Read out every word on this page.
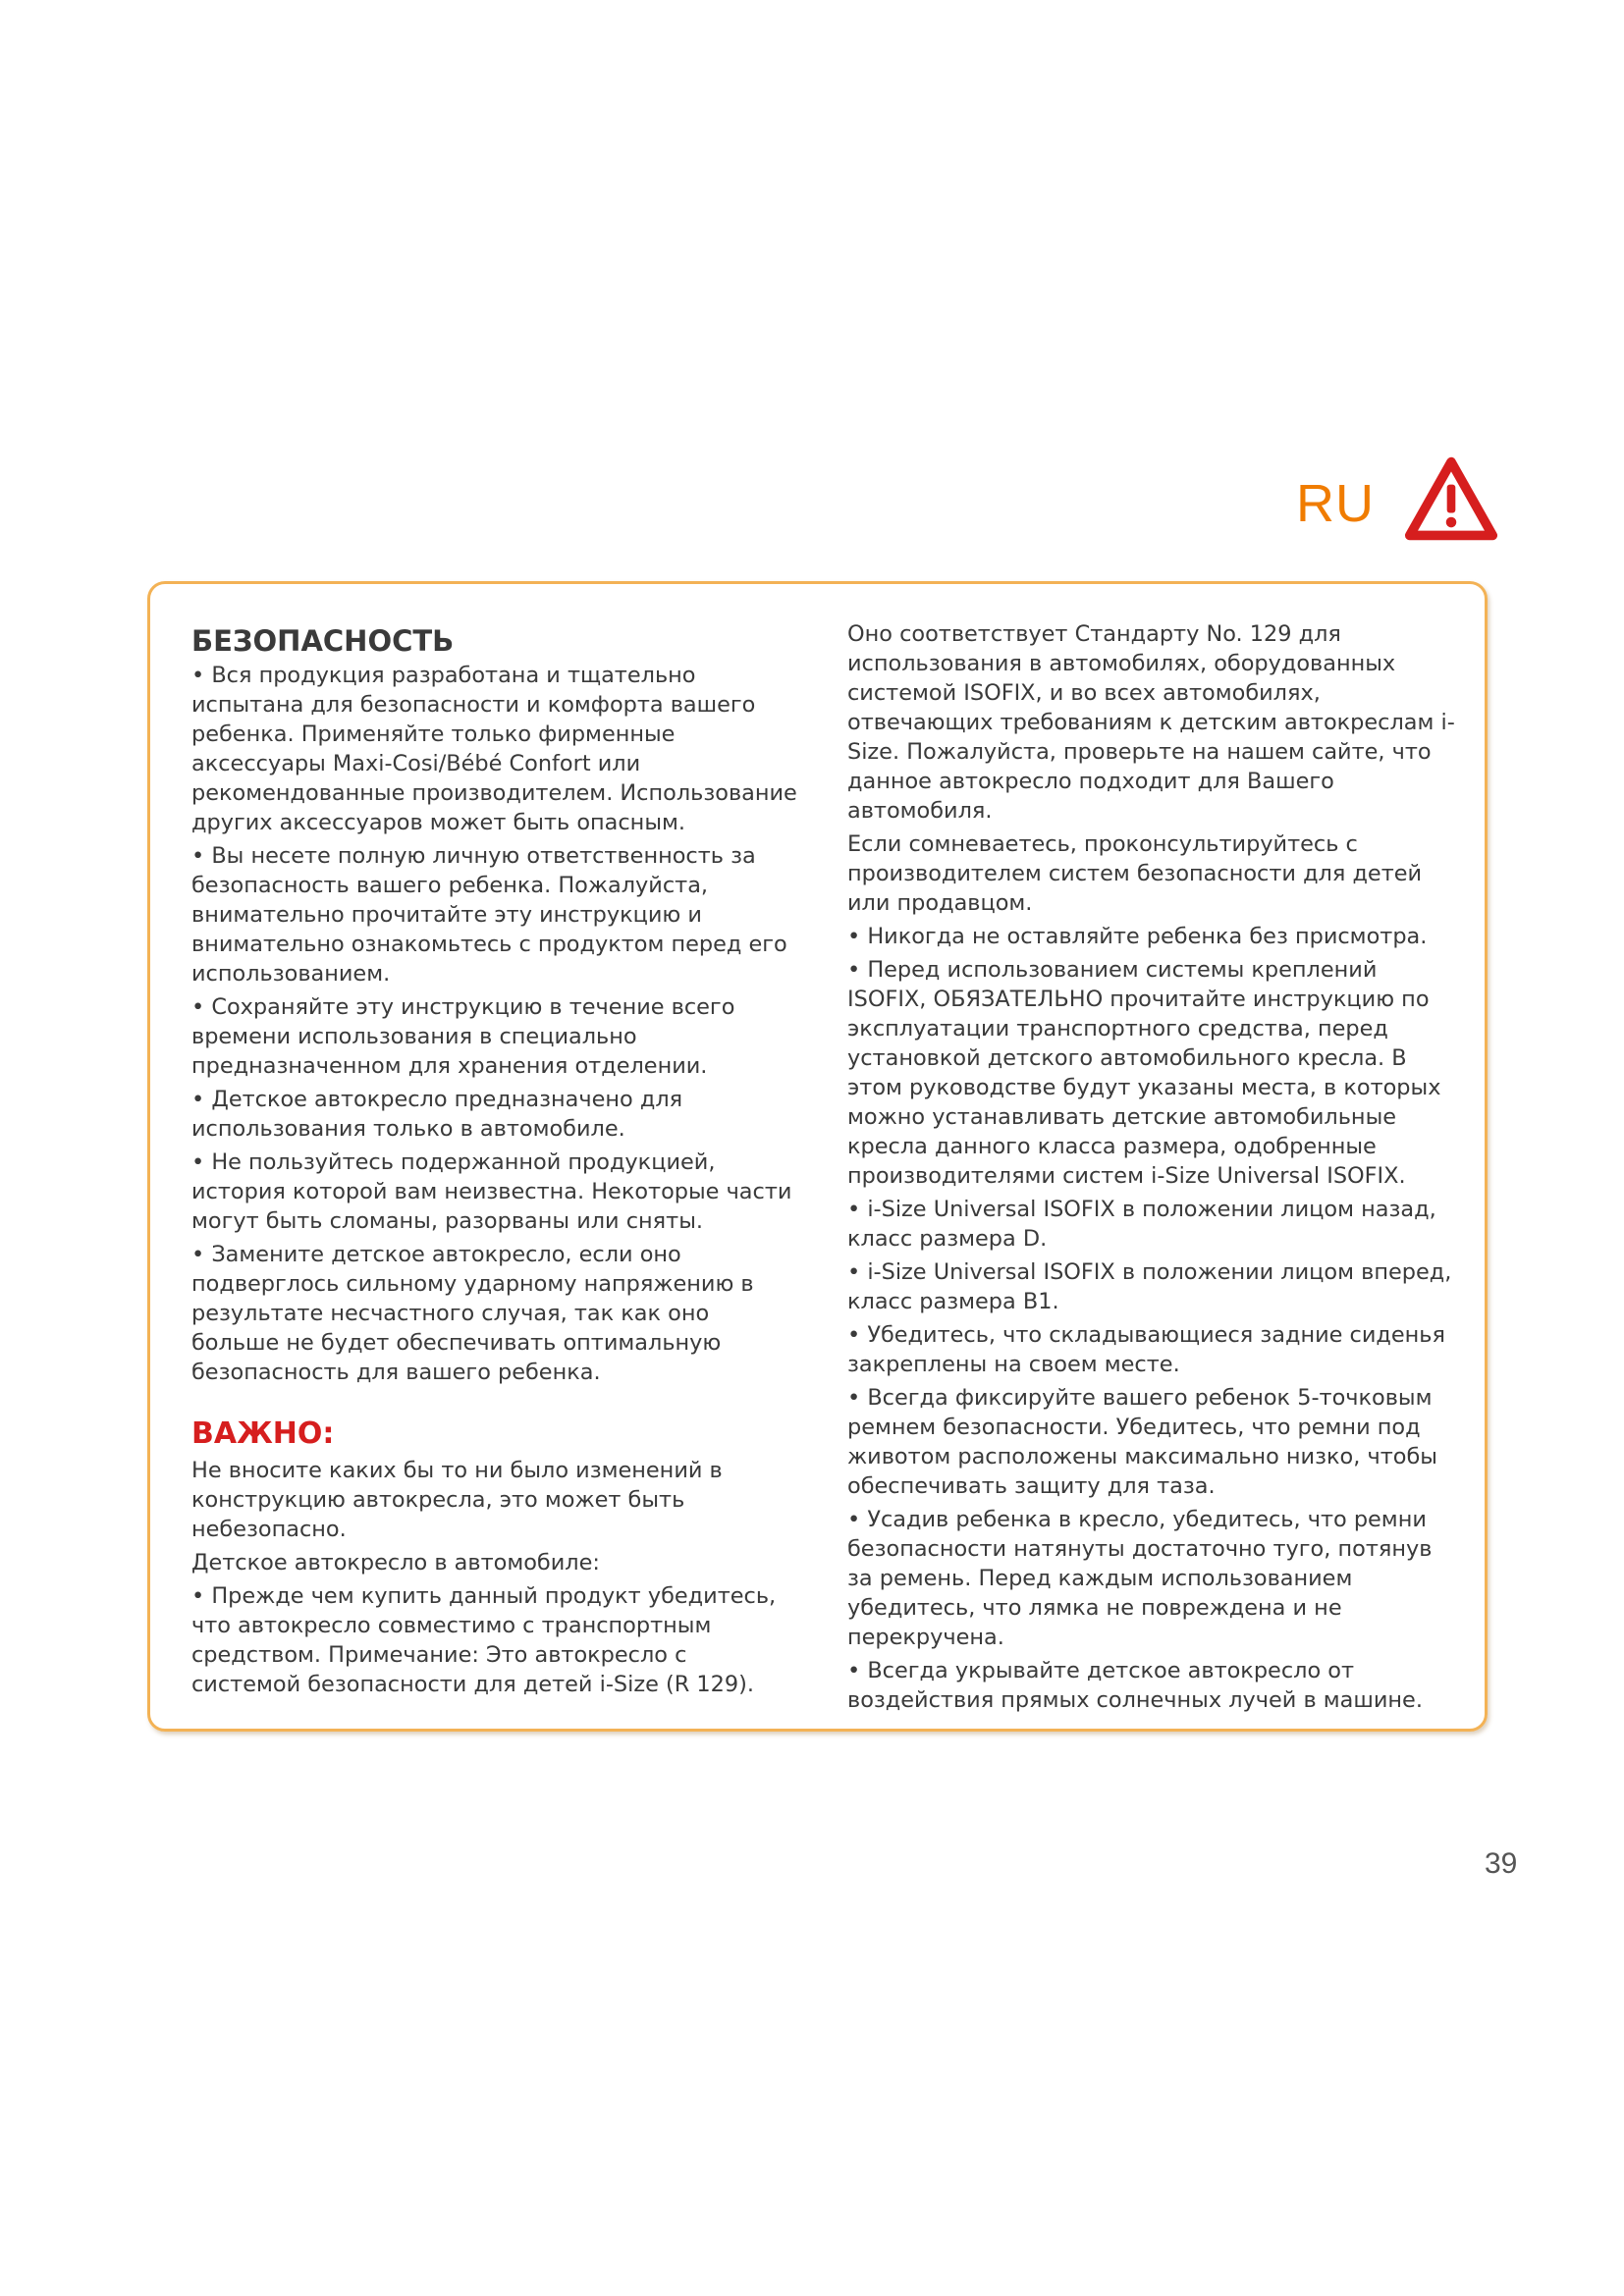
RU
БЕЗОПАСНОСТЬ
• Вся продукция разработана и тщательно испытана для безопасности и комфорта вашего ребенка. Применяйте только фирменные аксессуары Maxi-Cosi/Bébé Confort или рекомендованные производителем. Использование других аксессуаров может быть опасным.
• Вы несете полную личную ответственность за безопасность вашего ребенка. Пожалуйста, внимательно прочитайте эту инструкцию и внимательно ознакомьтесь с продуктом перед его использованием.
• Сохраняйте эту инструкцию в течение всего времени использования в специально предназначенном для хранения отделении.
• Детское автокресло предназначено для использования только в автомобиле.
• Не пользуйтесь подержанной продукцией, история которой вам неизвестна. Некоторые части могут быть сломаны, разорваны или сняты.
• Замените детское автокресло, если оно подверглось сильному ударному напряжению в результате несчастного случая, так как оно больше не будет обеспечивать оптимальную безопасность для вашего ребенка.
ВАЖНО:
Не вносите каких бы то ни было изменений в конструкцию автокресла, это может быть небезопасно.
Детское автокресло в автомобиле:
• Прежде чем купить данный продукт убедитесь, что автокресло совместимо с транспортным средством. Примечание: Это автокресло с системой безопасности для детей i-Size (R 129).
Оно соответствует Стандарту No. 129 для использования в автомобилях, оборудованных системой ISOFIX, и во всех автомобилях, отвечающих требованиям к детским автокреслам i-Size. Пожалуйста, проверьте на нашем сайте, что данное автокресло подходит для Вашего автомобиля.
Если сомневаетесь, проконсультируйтесь с производителем систем безопасности для детей или продавцом.
• Никогда не оставляйте ребенка без присмотра.
• Перед использованием системы креплений ISOFIX, ОБЯЗАТЕЛЬНО прочитайте инструкцию по эксплуатации транспортного средства, перед установкой детского автомобильного кресла. В этом руководстве будут указаны места, в которых можно устанавливать детские автомобильные кресла данного класса размера, одобренные производителями систем i-Size Universal ISOFIX.
• i-Size Universal ISOFIX в положении лицом назад, класс размера D.
• i-Size Universal ISOFIX в положении лицом вперед, класс размера B1.
• Убедитесь, что складывающиеся задние сиденья закреплены на своем месте.
• Всегда фиксируйте вашего ребенок 5-точковым ремнем безопасности. Убедитесь, что ремни под животом расположены максимально низко, чтобы обеспечивать защиту для таза.
• Усадив ребенка в кресло, убедитесь, что ремни безопасности натянуты достаточно туго, потянув за ремень. Перед каждым использованием убедитесь, что лямка не повреждена и не перекручена.
• Всегда укрывайте детское автокресло от воздействия прямых солнечных лучей в машине.
39
